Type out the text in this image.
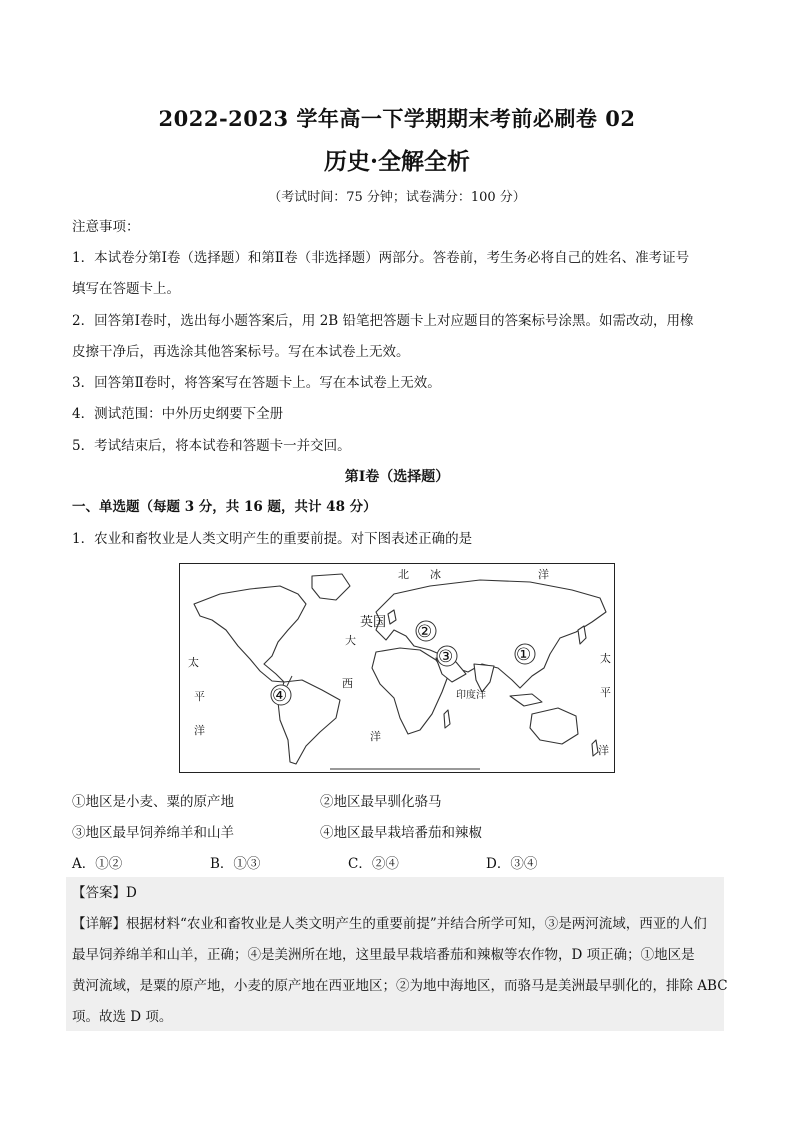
2022-2023 学年高一下学期期末考前必刷卷 02
历史·全解全析
（考试时间：75 分钟；试卷满分：100 分）
注意事项：
1．本试卷分第Ⅰ卷（选择题）和第Ⅱ卷（非选择题）两部分。答卷前，考生务必将自己的姓名、准考证号
填写在答题卡上。
2．回答第Ⅰ卷时，选出每小题答案后，用 2B 铅笔把答题卡上对应题目的答案标号涂黑。如需改动，用橡
皮擦干净后，再选涂其他答案标号。写在本试卷上无效。
3．回答第Ⅱ卷时，将答案写在答题卡上。写在本试卷上无效。
4．测试范围：中外历史纲要下全册
5．考试结束后，将本试卷和答题卡一并交回。
第Ⅰ卷（选择题）
一、单选题（每题 3 分，共 16 题，共计 48 分）
1．农业和畜牧业是人类文明产生的重要前提。对下图表述正确的是
北 冰	洋
英国
大
西
洋
印度洋
太
平
洋
太
平
洋
①
②
③
④
①地区是小麦、粟的原产地	②地区最早驯化骆马
③地区最早饲养绵羊和山羊	④地区最早栽培番茄和辣椒
A．①②	B．①③	C．②④	D．③④
【答案】D
【详解】根据材料“农业和畜牧业是人类文明产生的重要前提”并结合所学可知，③是两河流域，西亚的人们
最早饲养绵羊和山羊，正确；④是美洲所在地，这里最早栽培番茄和辣椒等农作物，D 项正确；①地区是
黄河流域，是粟的原产地，小麦的原产地在西亚地区；②为地中海地区，而骆马是美洲最早驯化的，排除 ABC
项。故选 D 项。
